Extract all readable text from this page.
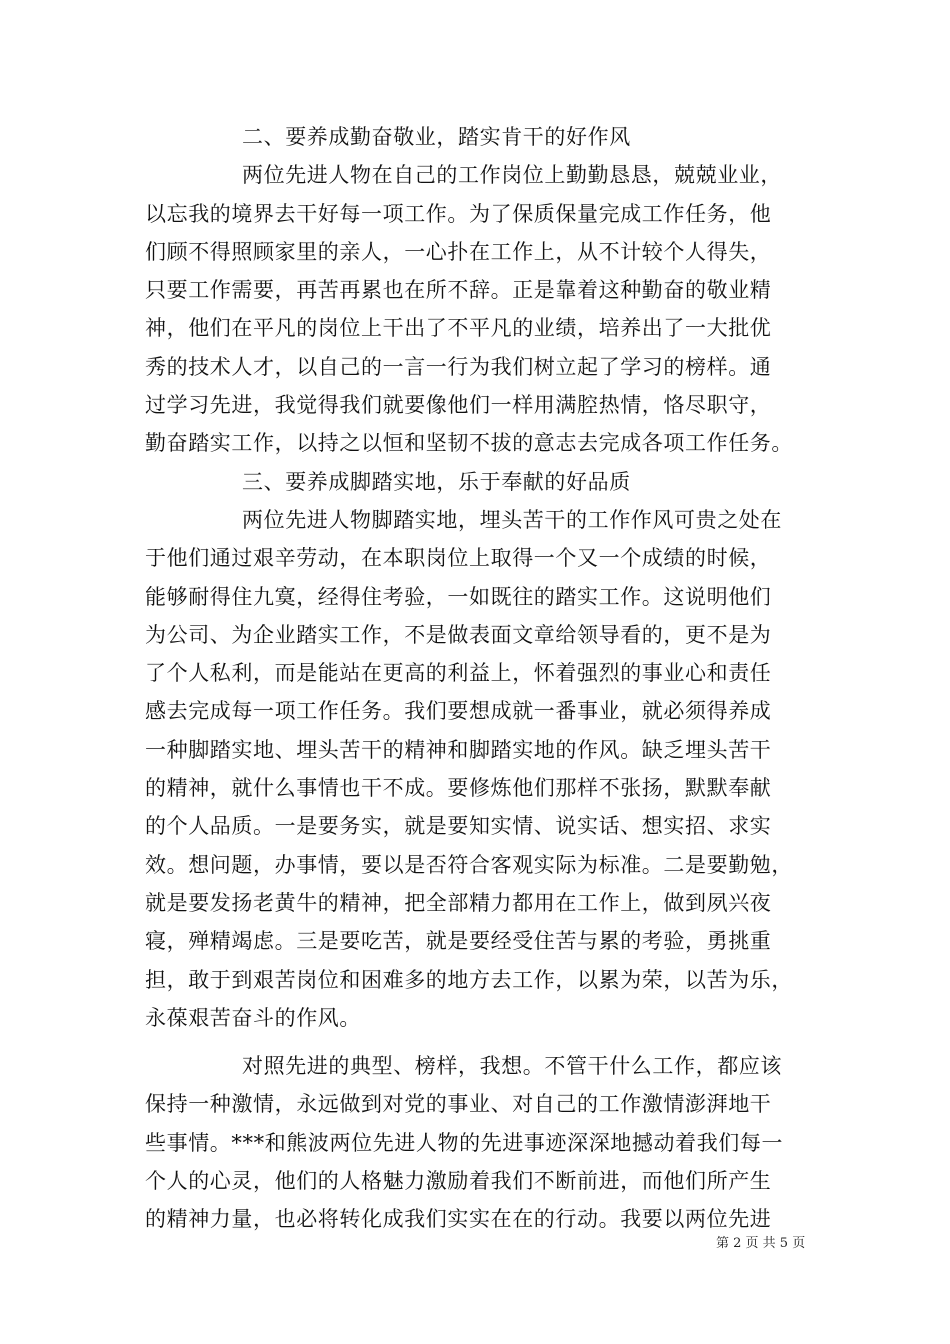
二、要养成勤奋敬业，踏实肯干的好作风
两位先进人物在自己的工作岗位上勤勤恳恳，兢兢业业，
以忘我的境界去干好每一项工作。为了保质保量完成工作任务，他
们顾不得照顾家里的亲人，一心扑在工作上，从不计较个人得失，
只要工作需要，再苦再累也在所不辞。正是靠着这种勤奋的敬业精
神，他们在平凡的岗位上干出了不平凡的业绩，培养出了一大批优
秀的技术人才，以自己的一言一行为我们树立起了学习的榜样。通
过学习先进，我觉得我们就要像他们一样用满腔热情，恪尽职守，
勤奋踏实工作，以持之以恒和坚韧不拔的意志去完成各项工作任务。
三、要养成脚踏实地，乐于奉献的好品质
两位先进人物脚踏实地，埋头苦干的工作作风可贵之处在
于他们通过艰辛劳动，在本职岗位上取得一个又一个成绩的时候，
能够耐得住九寞，经得住考验，一如既往的踏实工作。这说明他们
为公司、为企业踏实工作，不是做表面文章给领导看的，更不是为
了个人私利，而是能站在更高的利益上，怀着强烈的事业心和责任
感去完成每一项工作任务。我们要想成就一番事业，就必须得养成
一种脚踏实地、埋头苦干的精神和脚踏实地的作风。缺乏埋头苦干
的精神，就什么事情也干不成。要修炼他们那样不张扬，默默奉献
的个人品质。一是要务实，就是要知实情、说实话、想实招、求实
效。想问题，办事情，要以是否符合客观实际为标准。二是要勤勉，
就是要发扬老黄牛的精神，把全部精力都用在工作上，做到夙兴夜
寝，殚精竭虑。三是要吃苦，就是要经受住苦与累的考验，勇挑重
担，敢于到艰苦岗位和困难多的地方去工作，以累为荣，以苦为乐，
永葆艰苦奋斗的作风。
对照先进的典型、榜样，我想。不管干什么工作，都应该
保持一种激情，永远做到对党的事业、对自己的工作激情澎湃地干
些事情。***和熊波两位先进人物的先进事迹深深地撼动着我们每一
个人的心灵，他们的人格魅力激励着我们不断前进，而他们所产生
的精神力量，也必将转化成我们实实在在的行动。我要以两位先进
第 2 页 共 5 页
